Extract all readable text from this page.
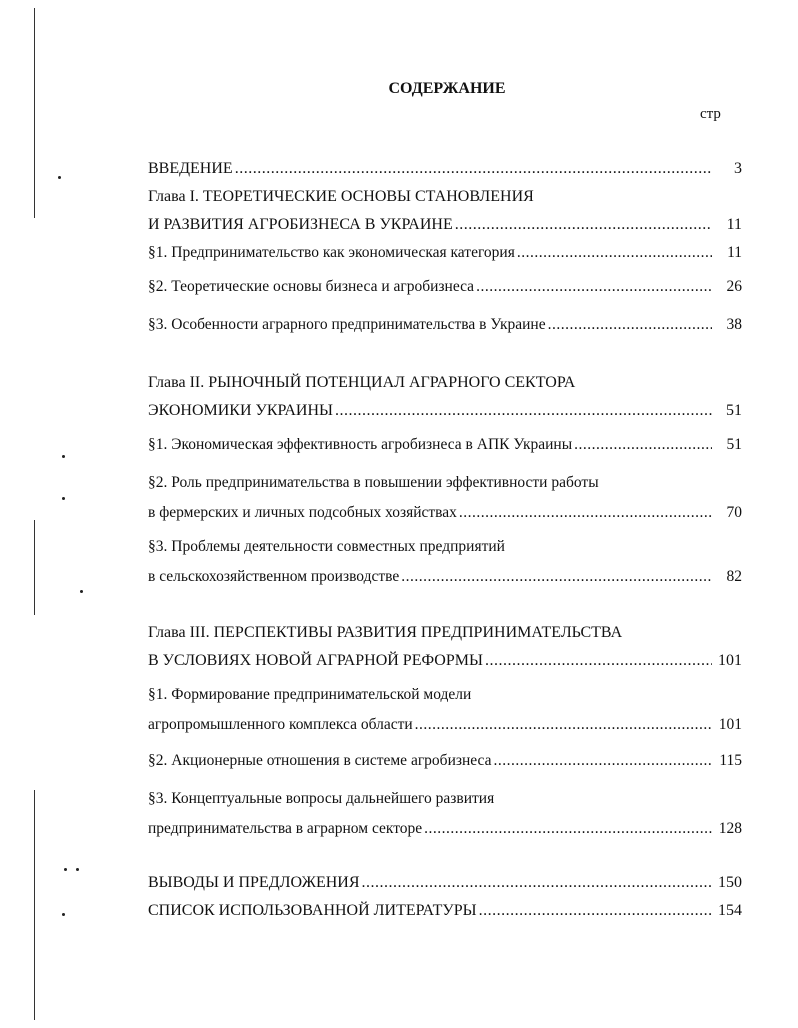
СОДЕРЖАНИЕ
стр
ВВЕДЕНИЕ .....	3
Глава I. ТЕОРЕТИЧЕСКИЕ ОСНОВЫ СТАНОВЛЕНИЯ
И РАЗВИТИЯ АГРОБИЗНЕСА В УКРАИНЕ .....	11
§1. Предпринимательство как экономическая категория .....	11
§2. Теоретические основы бизнеса и агробизнеса .....	26
§3. Особенности аграрного предпринимательства в Украине .....	38
Глава II. РЫНОЧНЫЙ ПОТЕНЦИАЛ АГРАРНОГО СЕКТОРА
ЭКОНОМИКИ УКРАИНЫ .....	51
§1. Экономическая эффективность агробизнеса в АПК Украины .....	51
§2. Роль предпринимательства в повышении эффективности работы
в фермерских и личных подсобных хозяйствах .....	70
§3. Проблемы деятельности совместных предприятий
в сельскохозяйственном производстве .....	82
Глава III. ПЕРСПЕКТИВЫ РАЗВИТИЯ ПРЕДПРИНИМАТЕЛЬСТВА
В УСЛОВИЯХ НОВОЙ АГРАРНОЙ РЕФОРМЫ .....	101
§1. Формирование предпринимательской модели
агропромышленного комплекса области .....	101
§2. Акционерные отношения в системе агробизнеса .....	115
§3. Концептуальные вопросы дальнейшего развития
предпринимательства в аграрном секторе .....	128
ВЫВОДЫ И ПРЕДЛОЖЕНИЯ .....	150
СПИСОК ИСПОЛЬЗОВАННОЙ ЛИТЕРАТУРЫ .....	154
